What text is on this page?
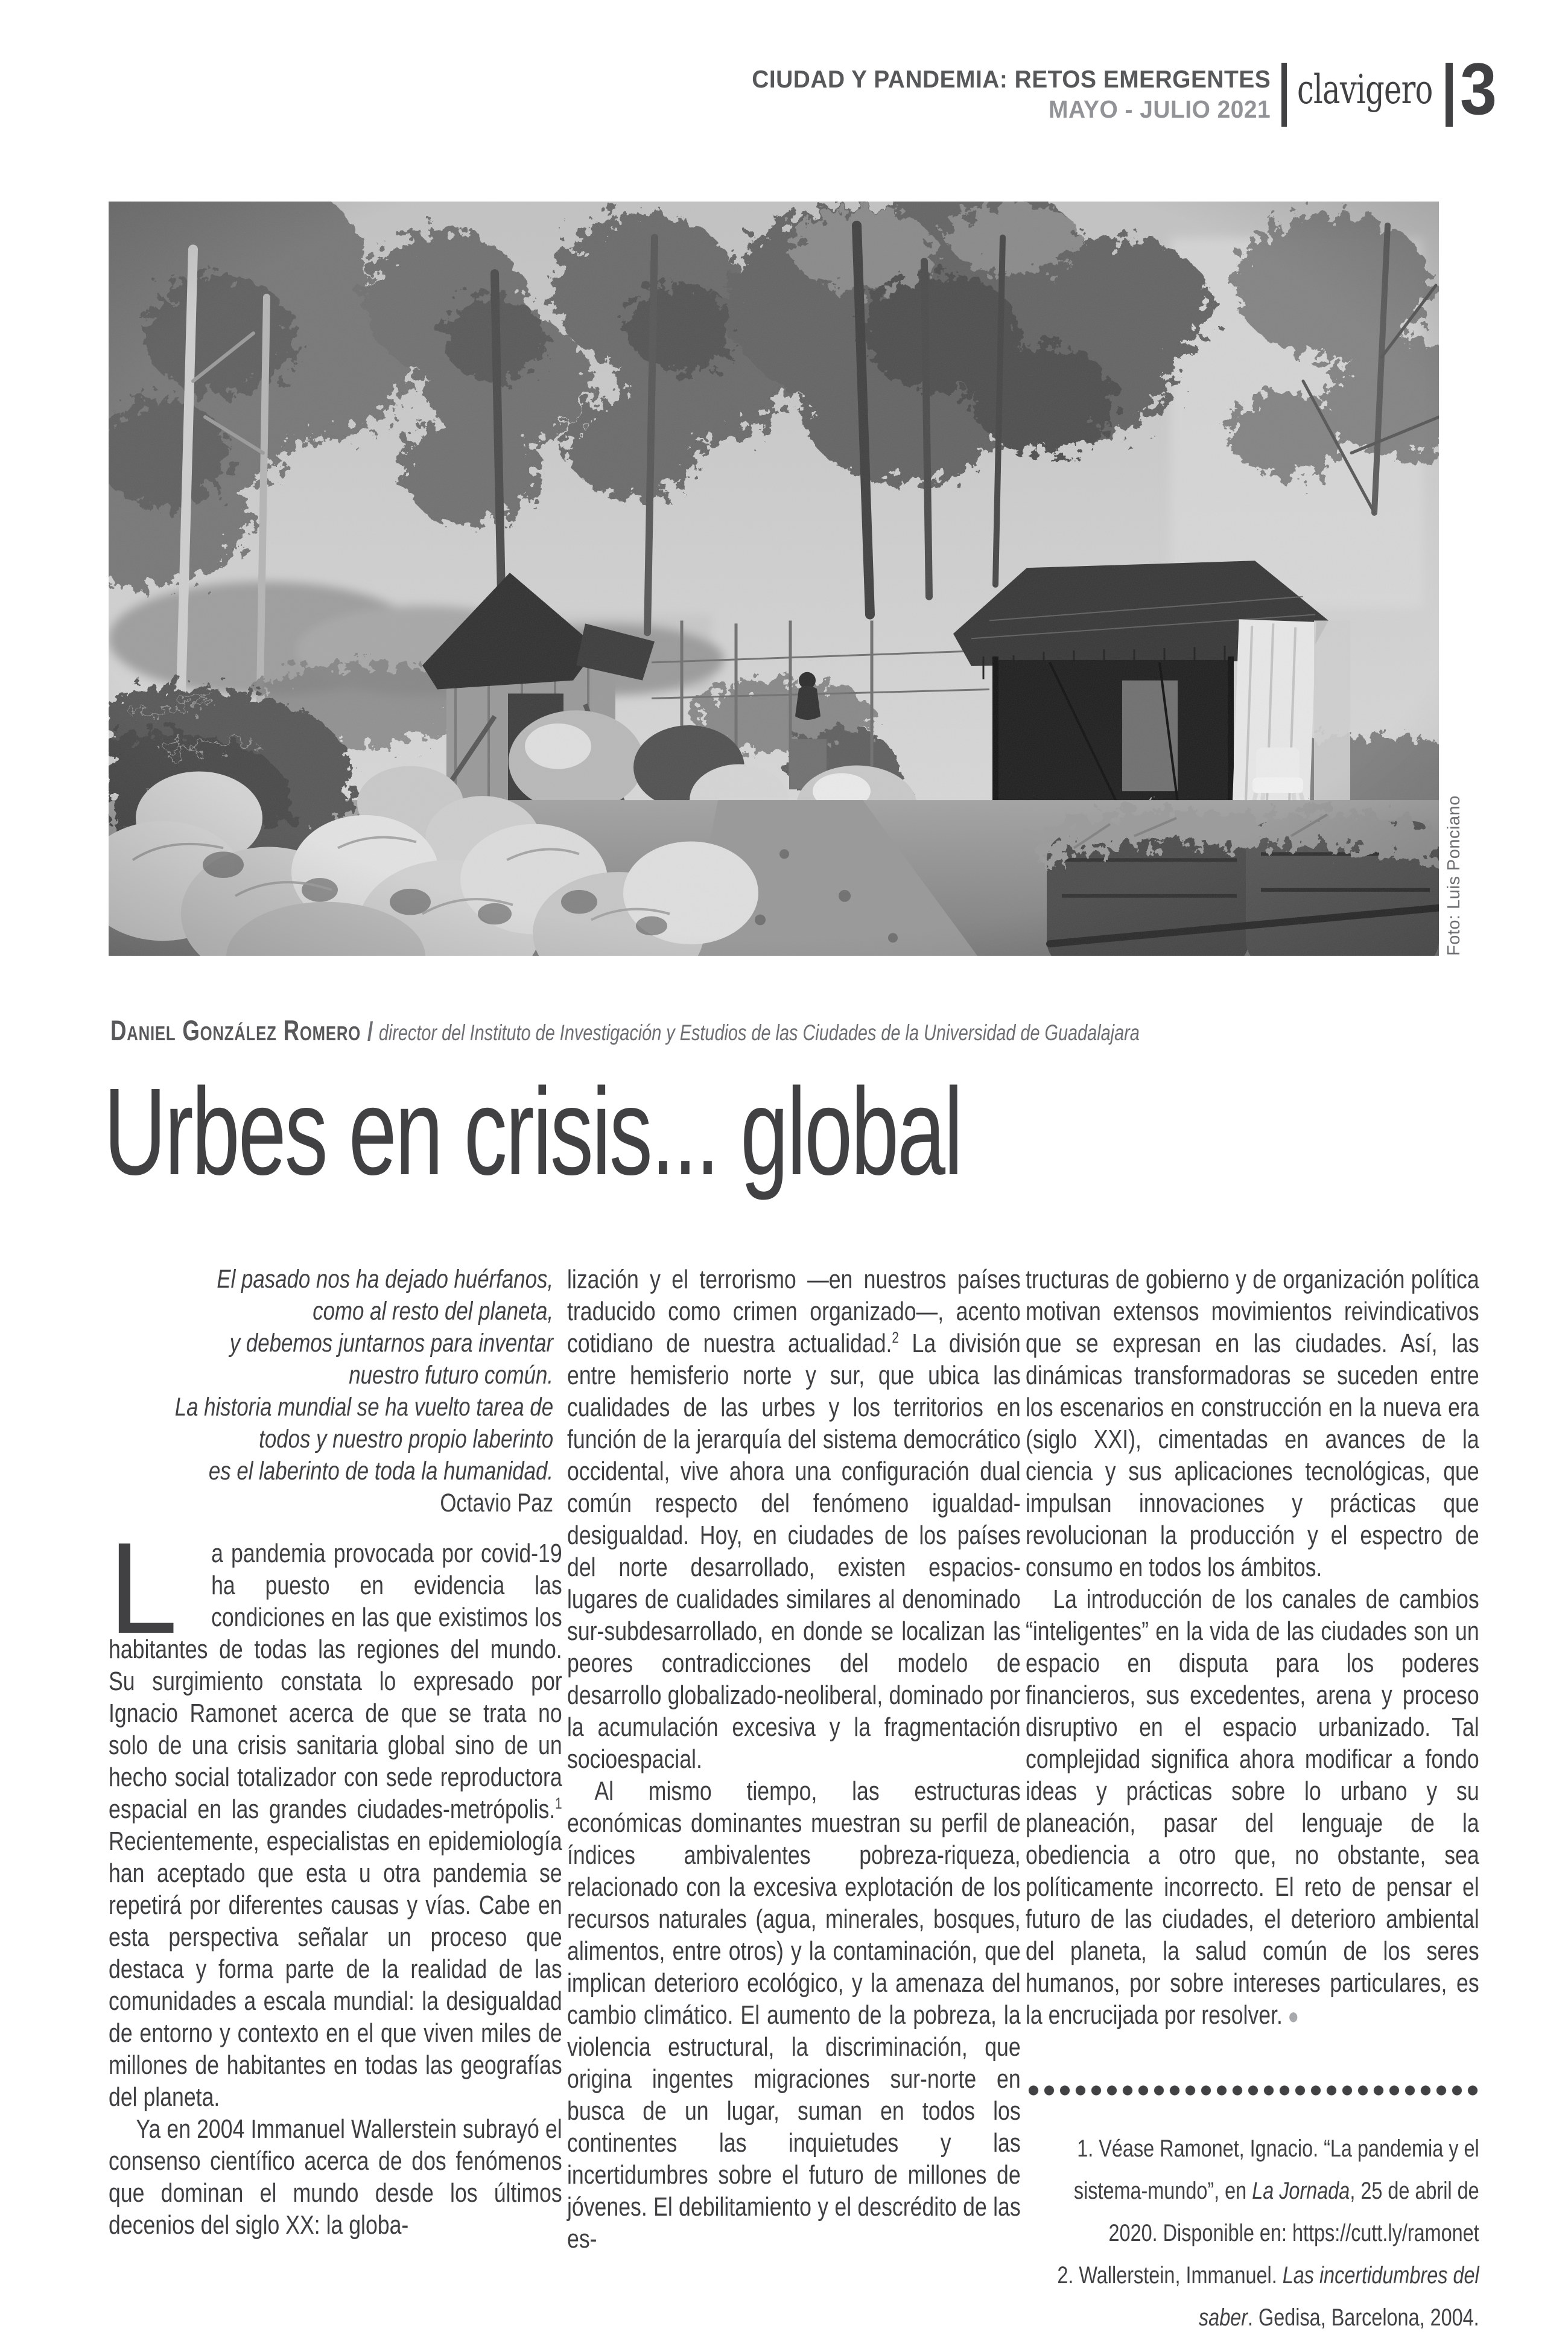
CIUDAD Y PANDEMIA: RETOS EMERGENTES
MAYO - JULIO 2021 clavigero 3
Foto: Luis Ponciano
Daniel González Romero / director del Instituto de Investigación y Estudios de las Ciudades de la Universidad de Guadalajara
Urbes en crisis... global
El pasado nos ha dejado huérfanos,
como al resto del planeta,
y debemos juntarnos para inventar
nuestro futuro común.
La historia mundial se ha vuelto tarea de
todos y nuestro propio laberinto
es el laberinto de toda la humanidad.
Octavio Paz

L a pandemia provocada por covid-19 ha puesto en evidencia las condiciones en las que existimos los habitantes de todas las regiones del mundo. Su surgimiento constata lo expresado por Ignacio Ramonet acerca de que se trata no solo de una crisis sanitaria global sino de un hecho social totalizador con sede reproductora espacial en las grandes ciudades-metrópolis.$^1$ Recientemente, especialistas en epidemiología han aceptado que esta u otra pandemia se repetirá por diferentes causas y vías. Cabe en esta perspectiva señalar un proceso que destaca y forma parte de la realidad de las comunidades a escala mundial: la desigualdad de entorno y contexto en el que viven miles de millones de habitantes en todas las geografías del planeta.

Ya en 2004 Immanuel Wallerstein subrayó el consenso científico acerca de dos fenómenos que dominan el mundo desde los últimos decenios del siglo XX: la globa-

lización y el terrorismo —en nuestros países traducido como crimen organizado—, acento cotidiano de nuestra actualidad.$^2$ La división entre hemisferio norte y sur, que ubica las cualidades de las urbes y los territorios en función de la jerarquía del sistema democrático occidental, vive ahora una configuración dual común respecto del fenómeno igualdad-desigualdad. Hoy, en ciudades de los países del norte desarrollado, existen espacios-lugares de cualidades similares al denominado sur-subdesarrollado, en donde se localizan las peores contradicciones del modelo de desarrollo globalizado-neoliberal, dominado por la acumulación excesiva y la fragmentación socioespacial.

Al mismo tiempo, las estructuras económicas dominantes muestran su perfil de índices ambivalentes pobreza-riqueza, relacionado con la excesiva explotación de los recursos naturales (agua, minerales, bosques, alimentos, entre otros) y la contaminación, que implican deterioro ecológico, y la amenaza del cambio climático. El aumento de la pobreza, la violencia estructural, la discriminación, que origina ingentes migraciones sur-norte en busca de un lugar, suman en todos los continentes las inquietudes y las incertidumbres sobre el futuro de millones de jóvenes. El debilitamiento y el descrédito de las es-

tructuras de gobierno y de organización política motivan extensos movimientos reivindicativos que se expresan en las ciudades. Así, las dinámicas transformadoras se suceden entre los escenarios en construcción en la nueva era (siglo XXI), cimentadas en avances de la ciencia y sus aplicaciones tecnológicas, que impulsan innovaciones y prácticas que revolucionan la producción y el espectro de consumo en todos los ámbitos.

La introducción de los canales de cambios “inteligentes” en la vida de las ciudades son un espacio en disputa para los poderes financieros, sus excedentes, arena y proceso disruptivo en el espacio urbanizado. Tal complejidad significa ahora modificar a fondo ideas y prácticas sobre lo urbano y su planeación, pasar del lenguaje de la obediencia a otro que, no obstante, sea políticamente incorrecto. El reto de pensar el futuro de las ciudades, el deterioro ambiental del planeta, la salud común de los seres humanos, por sobre intereses particulares, es la encrucijada por resolver. ●

1. Véase Ramonet, Ignacio. “La pandemia y el sistema-mundo”, en La Jornada, 25 de abril de 2020. Disponible en: https://cutt.ly/ramonet

2. Wallerstein, Immanuel. Las incertidumbres del saber. Gedisa, Barcelona, 2004.
